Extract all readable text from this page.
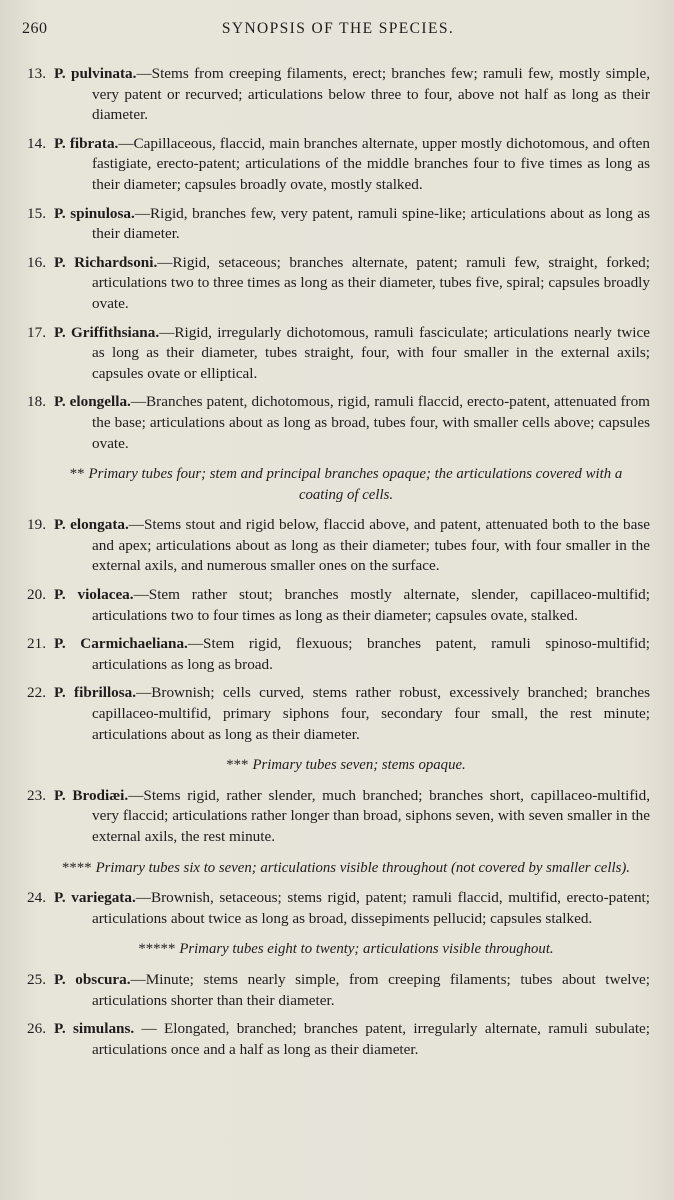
260	SYNOPSIS OF THE SPECIES.
13. P. pulvinata.—Stems from creeping filaments, erect; branches few; ramuli few, mostly simple, very patent or recurved; articulations below three to four, above not half as long as their diameter.
14. P. fibrata.—Capillaceous, flaccid, main branches alternate, upper mostly dichotomous, and often fastigiate, erecto-patent; articulations of the middle branches four to five times as long as their diameter; capsules broadly ovate, mostly stalked.
15. P. spinulosa.—Rigid, branches few, very patent, ramuli spine-like; articulations about as long as their diameter.
16. P. Richardsoni.—Rigid, setaceous; branches alternate, patent; ramuli few, straight, forked; articulations two to three times as long as their diameter, tubes five, spiral; capsules broadly ovate.
17. P. Griffithsiana.—Rigid, irregularly dichotomous, ramuli fasciculate; articulations nearly twice as long as their diameter, tubes straight, four, with four smaller in the external axils; capsules ovate or elliptical.
18. P. elongella.—Branches patent, dichotomous, rigid, ramuli flaccid, erecto-patent, attenuated from the base; articulations about as long as broad, tubes four, with smaller cells above; capsules ovate.
** Primary tubes four; stem and principal branches opaque; the articulations covered with a coating of cells.
19. P. elongata.—Stems stout and rigid below, flaccid above, and patent, attenuated both to the base and apex; articulations about as long as their diameter; tubes four, with four smaller in the external axils, and numerous smaller ones on the surface.
20. P. violacea.—Stem rather stout; branches mostly alternate, slender, capillaceo-multifid; articulations two to four times as long as their diameter; capsules ovate, stalked.
21. P. Carmichaeliana.—Stem rigid, flexuous; branches patent, ramuli spinoso-multifid; articulations as long as broad.
22. P. fibrillosa.—Brownish; cells curved, stems rather robust, excessively branched; branches capillaceo-multifid, primary siphons four, secondary four small, the rest minute; articulations about as long as their diameter.
*** Primary tubes seven; stems opaque.
23. P. Brodiæi.—Stems rigid, rather slender, much branched; branches short, capillaceo-multifid, very flaccid; articulations rather longer than broad, siphons seven, with seven smaller in the external axils, the rest minute.
**** Primary tubes six to seven; articulations visible throughout (not covered by smaller cells).
24. P. variegata.—Brownish, setaceous; stems rigid, patent; ramuli flaccid, multifid, erecto-patent; articulations about twice as long as broad, dissepiments pellucid; capsules stalked.
***** Primary tubes eight to twenty; articulations visible throughout.
25. P. obscura.—Minute; stems nearly simple, from creeping filaments; tubes about twelve; articulations shorter than their diameter.
26. P. simulans. — Elongated, branched; branches patent, irregularly alternate, ramuli subulate; articulations once and a half as long as their diameter.
